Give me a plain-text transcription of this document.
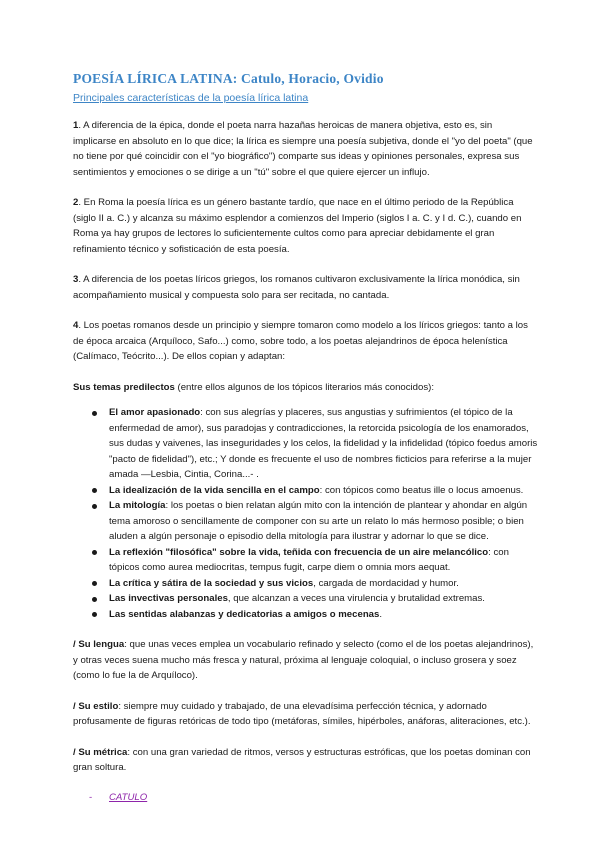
POESÍA LÍRICA LATINA: Catulo, Horacio, Ovidio
Principales características de la poesía lírica latina

1. A diferencia de la épica, donde el poeta narra hazañas heroicas de manera objetiva, esto es, sin implicarse en absoluto en lo que dice; la lírica es siempre una poesía subjetiva, donde el "yo del poeta" (que no tiene por qué coincidir con el "yo biográfico") comparte sus ideas y opiniones personales, expresa sus sentimientos y emociones o se dirige a un "tú" sobre el que quiere ejercer un influjo.

2. En Roma la poesía lírica es un género bastante tardío, que nace en el último periodo de la República (siglo II a. C.) y alcanza su máximo esplendor a comienzos del Imperio (siglos I a. C. y I d. C.), cuando en Roma ya hay grupos de lectores lo suficientemente cultos como para apreciar debidamente el gran refinamiento técnico y sofisticación de esta poesía.

3. A diferencia de los poetas líricos griegos, los romanos cultivaron exclusivamente la lírica monódica, sin acompañamiento musical y compuesta solo para ser recitada, no cantada.

4. Los poetas romanos desde un principio y siempre tomaron como modelo a los líricos griegos: tanto a los de época arcaica (Arquíloco, Safo...) como, sobre todo, a los poetas alejandrinos de época helenística (Calímaco, Teócrito...). De ellos copian y adaptan:

Sus temas predilectos (entre ellos algunos de los tópicos literarios más conocidos):

El amor apasionado: con sus alegrías y placeres, sus angustias y sufrimientos (el tópico de la enfermedad de amor), sus paradojas y contradicciones, la retorcida psicología de los enamorados, sus dudas y vaivenes, las inseguridades y los celos, la fidelidad y la infidelidad (tópico foedus amoris "pacto de fidelidad"), etc.; Y donde es frecuente el uso de nombres ficticios para referirse a la mujer amada —Lesbia, Cintia, Corina...- .
La idealización de la vida sencilla en el campo: con tópicos como beatus ille o locus amoenus.
La mitología: los poetas o bien relatan algún mito con la intención de plantear y ahondar en algún tema amoroso o sencillamente de componer con su arte un relato lo más hermoso posible; o bien aluden a algún personaje o episodio della mitología para ilustrar y adornar lo que se dice.
La reflexión "filosófica" sobre la vida, teñida con frecuencia de un aire melancólico: con tópicos como aurea mediocritas, tempus fugit, carpe diem o omnia mors aequat.
La crítica y sátira de la sociedad y sus vicios, cargada de mordacidad y humor.
Las invectivas personales, que alcanzan a veces una virulencia y brutalidad extremas.
Las sentidas alabanzas y dedicatorias a amigos o mecenas.

/ Su lengua: que unas veces emplea un vocabulario refinado y selecto (como el de los poetas alejandrinos), y otras veces suena mucho más fresca y natural, próxima al lenguaje coloquial, o incluso grosera y soez (como lo fue la de Arquíloco).

/ Su estilo: siempre muy cuidado y trabajado, de una elevadísima perfección técnica, y adornado profusamente de figuras retóricas de todo tipo (metáforas, símiles, hipérboles, anáforas, aliteraciones, etc.).

/ Su métrica: con una gran variedad de ritmos, versos y estructuras estróficas, que los poetas dominan con gran soltura.

- CATULO
